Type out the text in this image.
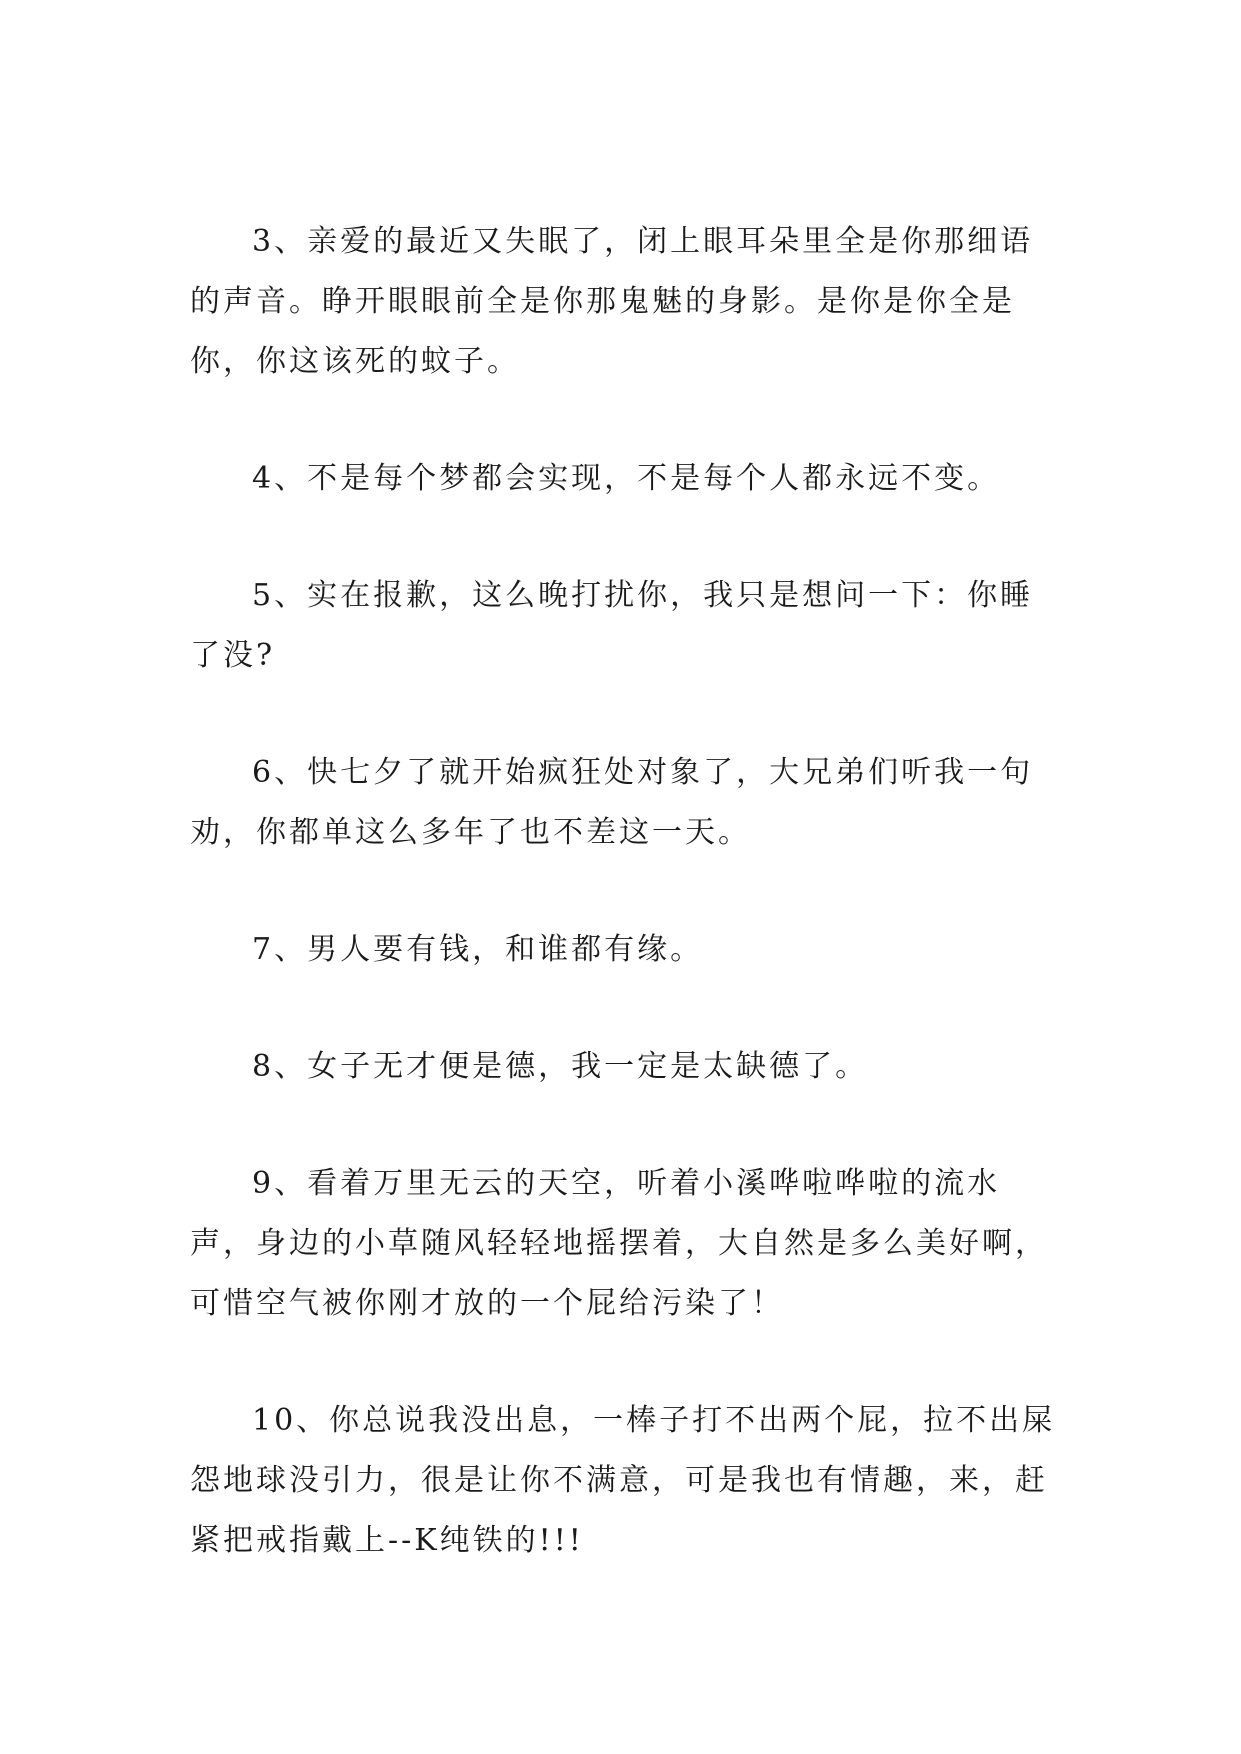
3、亲爱的最近又失眠了，闭上眼耳朵里全是你那细语的声音。睁开眼眼前全是你那鬼魅的身影。是你是你全是你，你这该死的蚊子。

4、不是每个梦都会实现，不是每个人都永远不变。

5、实在报歉，这么晚打扰你，我只是想问一下：你睡了没?

6、快七夕了就开始疯狂处对象了，大兄弟们听我一句劝，你都单这么多年了也不差这一天。

7、男人要有钱，和谁都有缘。

8、女子无才便是德，我一定是太缺德了。

9、看着万里无云的天空，听着小溪哗啦哗啦的流水声，身边的小草随风轻轻地摇摆着，大自然是多么美好啊，可惜空气被你刚才放的一个屁给污染了！

10、你总说我没出息，一棒子打不出两个屁，拉不出屎怨地球没引力，很是让你不满意，可是我也有情趣，来，赶紧把戒指戴上--K纯铁的!!!
